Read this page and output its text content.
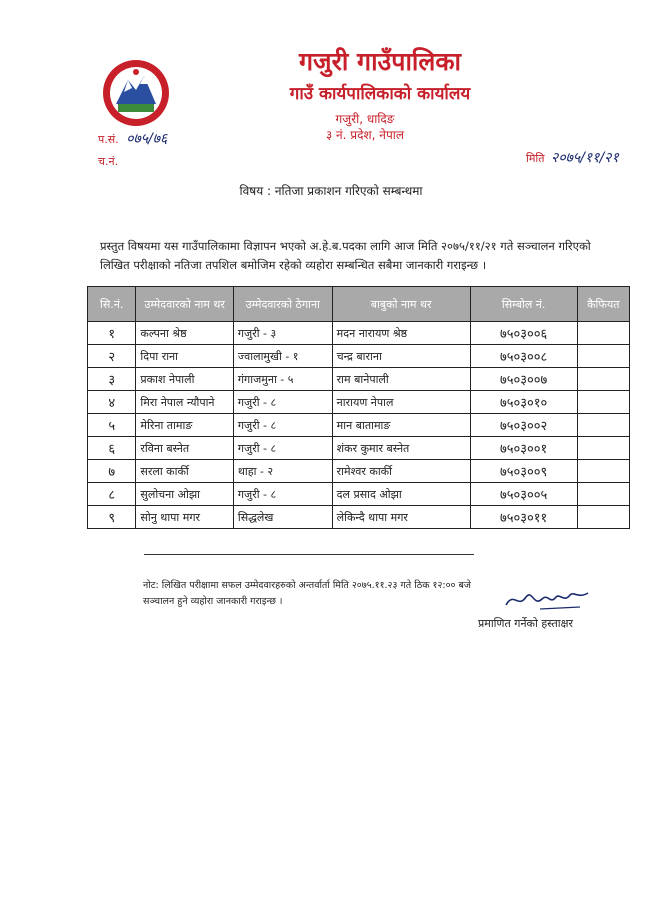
गजुरी गाउँपालिका
गाउँ कार्यपालिकाको कार्यालय
गजुरी, धादिङ
३ नं. प्रदेश, नेपाल
प.सं. ०७५/७६
च.नं.	मिति २०७५/११/२१
विषय : नतिजा प्रकाशन गरिएको सम्बन्धमा
प्रस्तुत विषयमा यस गाउँपालिकामा विज्ञापन भएको अ.हे.ब.पदका लागि आज मिति २०७५/११/२१ गते सञ्चालन गरिएको लिखित परीक्षाको नतिजा तपशिल बमोजिम रहेको व्यहोरा सम्बन्धित सबैमा जानकारी गराइन्छ ।
सि.नं.	उम्मेदवारको नाम थर	उम्मेदवारको ठेगाना	बाबुको नाम थर	सिम्बोल नं.	कैफियत
१	कल्पना श्रेष्ठ	गजुरी - ३	मदन नारायण श्रेष्ठ	७५०३००६	
२	दिपा राना	ज्वालामुखी - १	चन्द्र बाराना	७५०३००८	
३	प्रकाश नेपाली	गंगाजमुना - ५	राम बानेपाली	७५०३००७	
४	मिरा नेपाल न्यौपाने	गजुरी - ८	नारायण नेपाल	७५०३०१०	
५	मेरिना तामाङ	गजुरी - ८	मान बातामाङ	७५०३००२	
६	रविना बस्नेत	गजुरी - ८	शंकर कुमार बस्नेत	७५०३००१	
७	सरला कार्की	थाहा - २	रामेश्वर कार्की	७५०३००९	
८	सुलोचना ओझा	गजुरी - ८	दल प्रसाद ओझा	७५०३००५	
९	सोनु थापा मगर	सिद्धलेख	लेकिन्दै थापा मगर	७५०३०११	
नोट: लिखित परीक्षामा सफल उम्मेदवारहरुको अन्तर्वार्ता मिति २०७५.११.२३ गते ठिक १२:०० बजे सञ्चालन हुने व्यहोरा जानकारी गराइन्छ ।
प्रमाणित गर्नेको हस्ताक्षर
